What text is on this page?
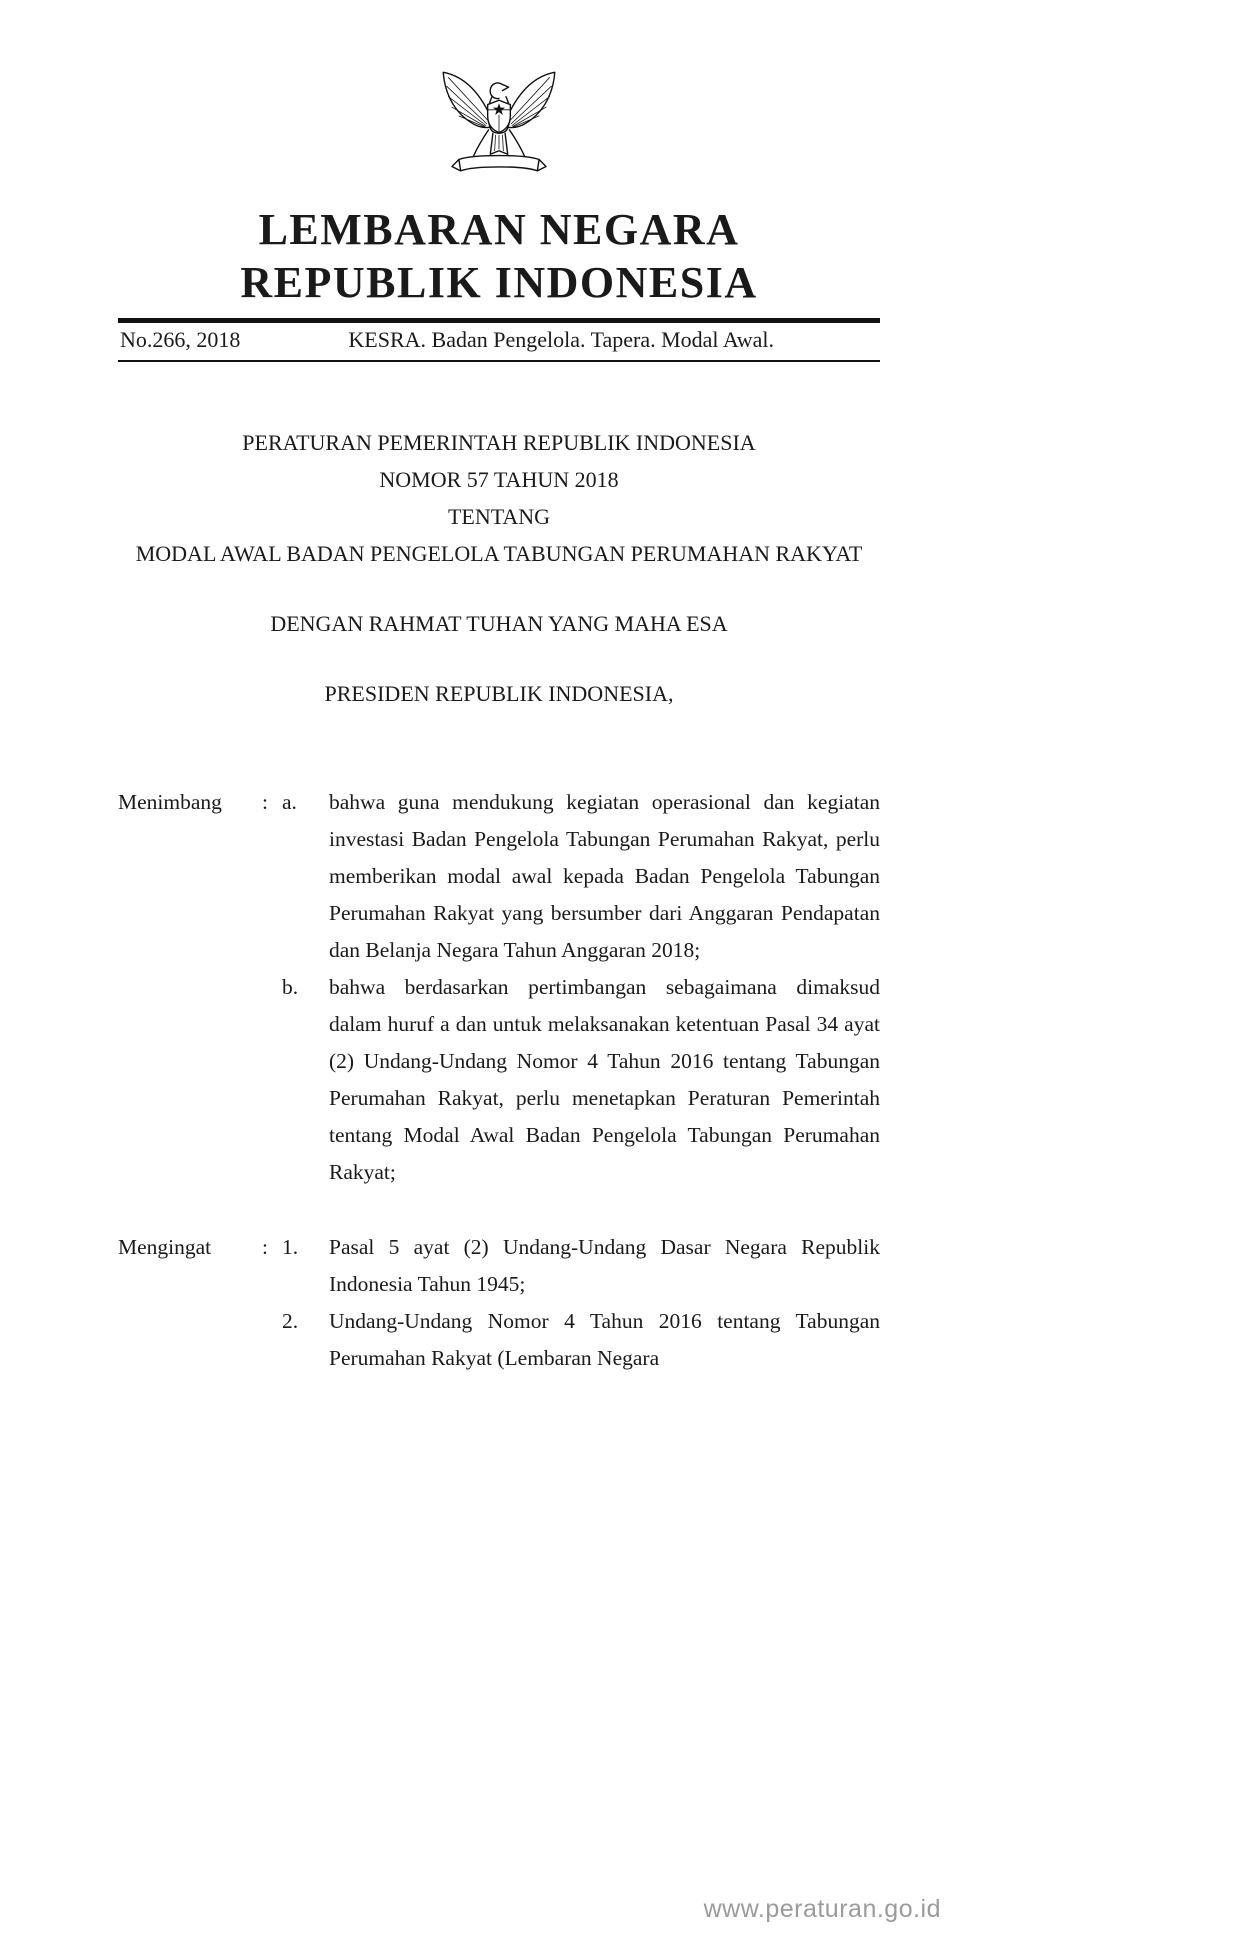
LEMBARAN NEGARA
REPUBLIK INDONESIA
No.266, 2018	KESRA. Badan Pengelola. Tapera. Modal Awal.
PERATURAN PEMERINTAH REPUBLIK INDONESIA
NOMOR 57 TAHUN 2018
TENTANG
MODAL AWAL BADAN PENGELOLA TABUNGAN PERUMAHAN RAKYAT
DENGAN RAHMAT TUHAN YANG MAHA ESA
PRESIDEN REPUBLIK INDONESIA,
Menimbang	: a.	bahwa guna mendukung kegiatan operasional dan kegiatan investasi Badan Pengelola Tabungan Perumahan Rakyat, perlu memberikan modal awal kepada Badan Pengelola Tabungan Perumahan Rakyat yang bersumber dari Anggaran Pendapatan dan Belanja Negara Tahun Anggaran 2018;
b.	bahwa berdasarkan pertimbangan sebagaimana dimaksud dalam huruf a dan untuk melaksanakan ketentuan Pasal 34 ayat (2) Undang-Undang Nomor 4 Tahun 2016 tentang Tabungan Perumahan Rakyat, perlu menetapkan Peraturan Pemerintah tentang Modal Awal Badan Pengelola Tabungan Perumahan Rakyat;
Mengingat	: 1.	Pasal 5 ayat (2) Undang-Undang Dasar Negara Republik Indonesia Tahun 1945;
2.	Undang-Undang Nomor 4 Tahun 2016 tentang Tabungan Perumahan Rakyat (Lembaran Negara
www.peraturan.go.id
